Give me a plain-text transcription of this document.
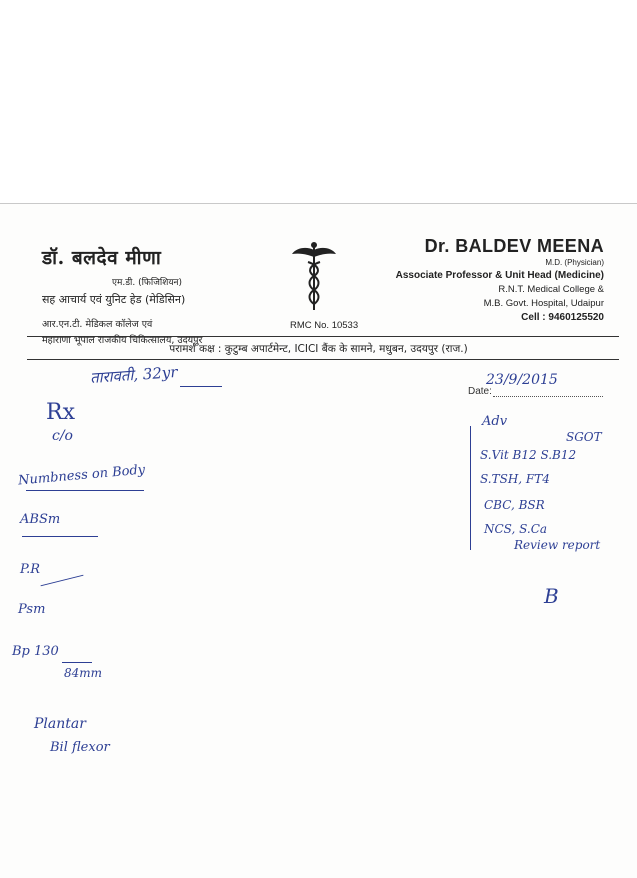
डॉ. बलदेव मीणा
एम.डी. (फिजिशियन)
सह आचार्य एवं युनिट हेड (मेडिसिन)
आर.एन.टी. मेडिकल कॉलेज एवं
महाराणा भूपाल राजकीय चिकित्सालय, उदयपुर
RMC No. 10533
Dr. BALDEV MEENA
M.D. (Physician)
Associate Professor & Unit Head (Medicine)
R.N.T. Medical College &
M.B. Govt. Hospital, Udaipur
Cell : 9460125520
परामर्श कक्ष : कुटुम्ब अपार्टमेन्ट, ICICI बैंक के सामने, मधुबन, उदयपुर (राज.)
Date:
तारावती, 32yr	23/9/2015
Rx
c/o
Numbness on Body
ABSm
P.R
Psm
Bp 130
84mm
Plantar
Bil flexor
Adv
SGOT
S.Vit B12 S.B12
S.TSH, FT4
CBC, BSR
NCS, S.Ca
Review report
B
